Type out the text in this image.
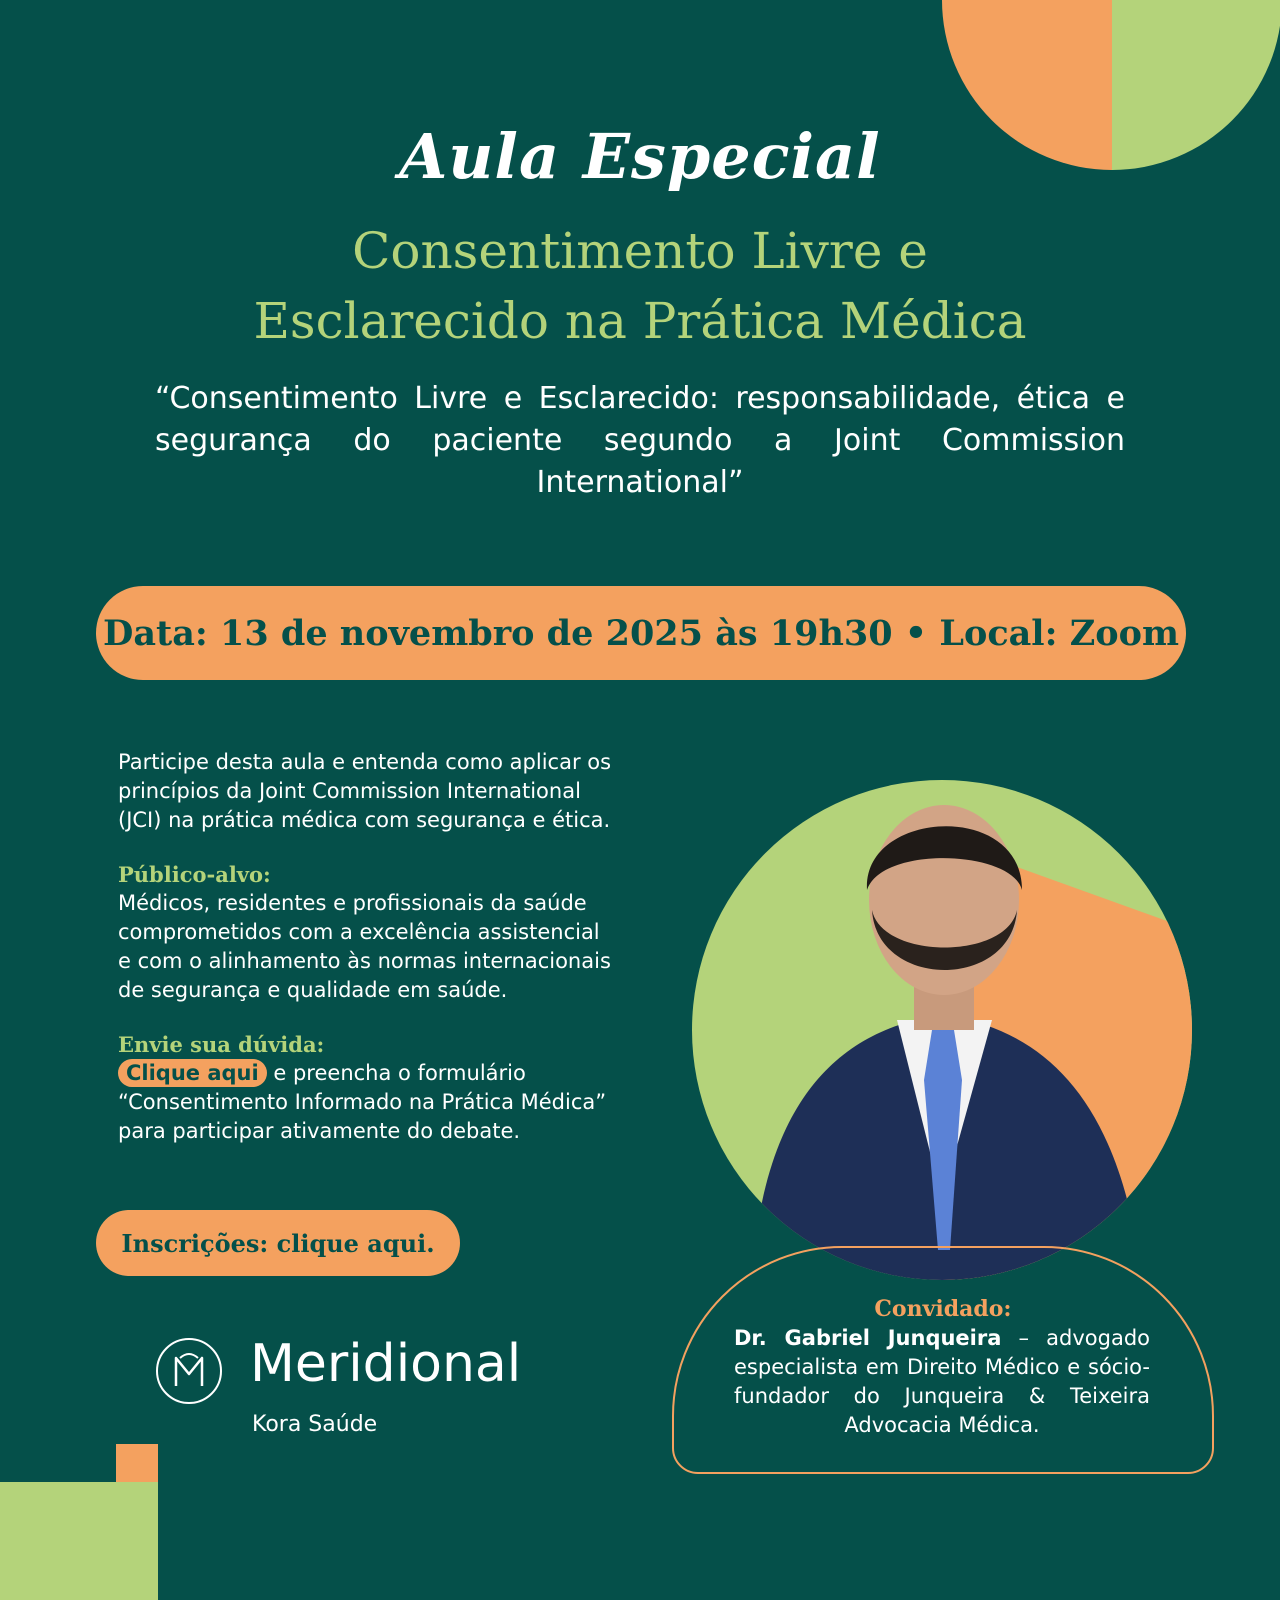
Aula Especial
Consentimento Livre e
Esclarecido na Prática Médica
“Consentimento Livre e Esclarecido: responsabilidade, ética e segurança do paciente segundo a Joint Commission International”
Data: 13 de novembro de 2025 às 19h30 • Local: Zoom
Participe desta aula e entenda como aplicar os
princípios da Joint Commission International
(JCI) na prática médica com segurança e ética.
Público-alvo:
Médicos, residentes e profissionais da saúde
comprometidos com a excelência assistencial
e com o alinhamento às normas internacionais
de segurança e qualidade em saúde.
Envie sua dúvida:
Clique aqui e preencha o formulário
“Consentimento Informado na Prática Médica”
para participar ativamente do debate.
Inscrições: clique aqui.
Meridional
Kora Saúde
Convidado:
Dr. Gabriel Junqueira – advogado especialista em Direito Médico e sócio-fundador do Junqueira & Teixeira Advocacia Médica.
